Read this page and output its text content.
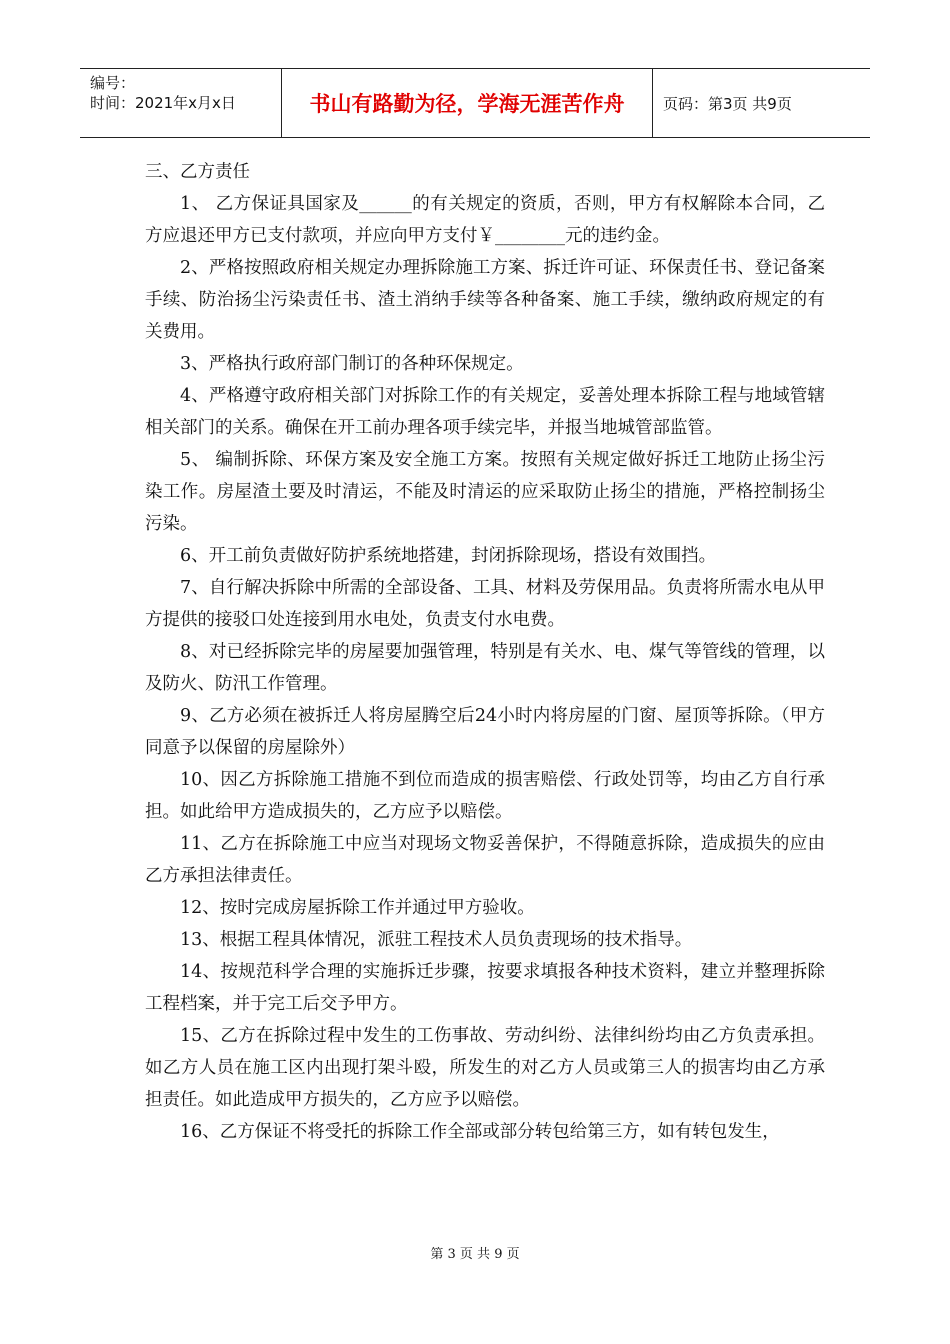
编号：
时间：2021年x月x日	书山有路勤为径，学海无涯苦作舟	页码：第3页 共9页

三、乙方责任

1、 乙方保证具国家及______的有关规定的资质，否则，甲方有权解除本合同，乙方应退还甲方已支付款项，并应向甲方支付￥________元的违约金。

2、严格按照政府相关规定办理拆除施工方案、拆迁许可证、环保责任书、登记备案手续、防治扬尘污染责任书、渣土消纳手续等各种备案、施工手续，缴纳政府规定的有关费用。

3、严格执行政府部门制订的各种环保规定。

4、严格遵守政府相关部门对拆除工作的有关规定，妥善处理本拆除工程与地域管辖相关部门的关系。确保在开工前办理各项手续完毕，并报当地城管部监管。

5、 编制拆除、环保方案及安全施工方案。按照有关规定做好拆迁工地防止扬尘污染工作。房屋渣土要及时清运，不能及时清运的应采取防止扬尘的措施，严格控制扬尘污染。

6、开工前负责做好防护系统地搭建，封闭拆除现场，搭设有效围挡。

7、自行解决拆除中所需的全部设备、工具、材料及劳保用品。负责将所需水电从甲方提供的接驳口处连接到用水电处，负责支付水电费。

8、对已经拆除完毕的房屋要加强管理，特别是有关水、电、煤气等管线的管理，以及防火、防汛工作管理。

9、乙方必须在被拆迁人将房屋腾空后24小时内将房屋的门窗、屋顶等拆除。（甲方同意予以保留的房屋除外）

10、因乙方拆除施工措施不到位而造成的损害赔偿、行政处罚等，均由乙方自行承担。如此给甲方造成损失的，乙方应予以赔偿。

11、乙方在拆除施工中应当对现场文物妥善保护，不得随意拆除，造成损失的应由乙方承担法律责任。

12、按时完成房屋拆除工作并通过甲方验收。

13、根据工程具体情况，派驻工程技术人员负责现场的技术指导。

14、按规范科学合理的实施拆迁步骤，按要求填报各种技术资料，建立并整理拆除工程档案，并于完工后交予甲方。

15、乙方在拆除过程中发生的工伤事故、劳动纠纷、法律纠纷均由乙方负责承担。如乙方人员在施工区内出现打架斗殴，所发生的对乙方人员或第三人的损害均由乙方承担责任。如此造成甲方损失的，乙方应予以赔偿。

16、乙方保证不将受托的拆除工作全部或部分转包给第三方，如有转包发生，

第 3 页 共 9 页
